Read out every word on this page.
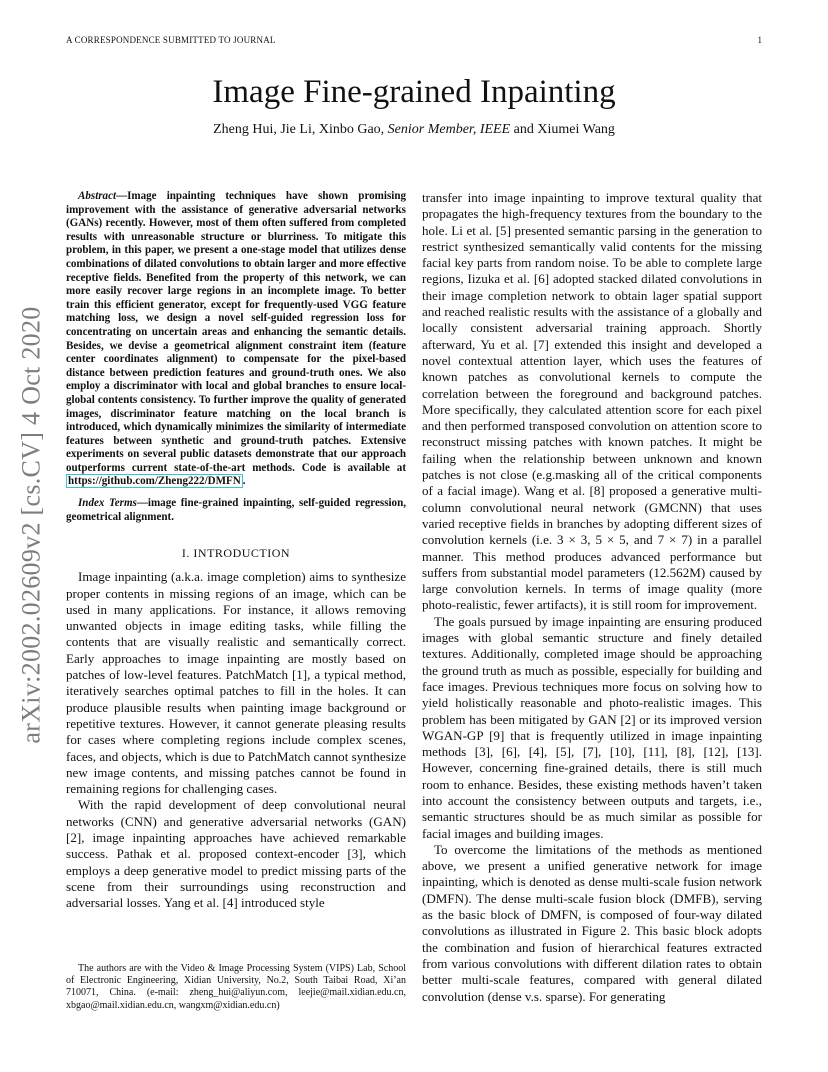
A CORRESPONDENCE SUBMITTED TO JOURNAL	1
arXiv:2002.02609v2 [cs.CV] 4 Oct 2020
Image Fine-grained Inpainting
Zheng Hui, Jie Li, Xinbo Gao, Senior Member, IEEE and Xiumei Wang

Abstract—Image inpainting techniques have shown promising improvement with the assistance of generative adversarial networks (GANs) recently. However, most of them often suffered from completed results with unreasonable structure or blurriness. To mitigate this problem, in this paper, we present a one-stage model that utilizes dense combinations of dilated convolutions to obtain larger and more effective receptive fields. Benefited from the property of this network, we can more easily recover large regions in an incomplete image. To better train this efficient generator, except for frequently-used VGG feature matching loss, we design a novel self-guided regression loss for concentrating on uncertain areas and enhancing the semantic details. Besides, we devise a geometrical alignment constraint item (feature center coordinates alignment) to compensate for the pixel-based distance between prediction features and ground-truth ones. We also employ a discriminator with local and global branches to ensure local-global contents consistency. To further improve the quality of generated images, discriminator feature matching on the local branch is introduced, which dynamically minimizes the similarity of intermediate features between synthetic and ground-truth patches. Extensive experiments on several public datasets demonstrate that our approach outperforms current state-of-the-art methods. Code is available at https://github.com/Zheng222/DMFN .

Index Terms—image fine-grained inpainting, self-guided regression, geometrical alignment.

I. INTRODUCTION

Image inpainting (a.k.a. image completion) aims to synthesize proper contents in missing regions of an image, which can be used in many applications. For instance, it allows removing unwanted objects in image editing tasks, while filling the contents that are visually realistic and semantically correct. Early approaches to image inpainting are mostly based on patches of low-level features. PatchMatch [1], a typical method, iteratively searches optimal patches to fill in the holes. It can produce plausible results when painting image background or repetitive textures. However, it cannot generate pleasing results for cases where completing regions include complex scenes, faces, and objects, which is due to PatchMatch cannot synthesize new image contents, and missing patches cannot be found in remaining regions for challenging cases.

With the rapid development of deep convolutional neural networks (CNN) and generative adversarial networks (GAN) [2], image inpainting approaches have achieved remarkable success. Pathak et al. proposed context-encoder [3], which employs a deep generative model to predict missing parts of the scene from their surroundings using reconstruction and adversarial losses. Yang et al. [4] introduced style

transfer into image inpainting to improve textural quality that propagates the high-frequency textures from the boundary to the hole. Li et al. [5] presented semantic parsing in the generation to restrict synthesized semantically valid contents for the missing facial key parts from random noise. To be able to complete large regions, Iizuka et al. [6] adopted stacked dilated convolutions in their image completion network to obtain lager spatial support and reached realistic results with the assistance of a globally and locally consistent adversarial training approach. Shortly afterward, Yu et al. [7] extended this insight and developed a novel contextual attention layer, which uses the features of known patches as convolutional kernels to compute the correlation between the foreground and background patches. More specifically, they calculated attention score for each pixel and then performed transposed convolution on attention score to reconstruct missing patches with known patches. It might be failing when the relationship between unknown and known patches is not close (e.g.masking all of the critical components of a facial image). Wang et al. [8] proposed a generative multi-column convolutional neural network (GMCNN) that uses varied receptive fields in branches by adopting different sizes of convolution kernels (i.e. 3 × 3, 5 × 5, and 7 × 7) in a parallel manner. This method produces advanced performance but suffers from substantial model parameters (12.562M) caused by large convolution kernels. In terms of image quality (more photo-realistic, fewer artifacts), it is still room for improvement.

The goals pursued by image inpainting are ensuring produced images with global semantic structure and finely detailed textures. Additionally, completed image should be approaching the ground truth as much as possible, especially for building and face images. Previous techniques more focus on solving how to yield holistically reasonable and photo-realistic images. This problem has been mitigated by GAN [2] or its improved version WGAN-GP [9] that is frequently utilized in image inpainting methods [3], [6], [4], [5], [7], [10], [11], [8], [12], [13]. However, concerning fine-grained details, there is still much room to enhance. Besides, these existing methods haven’t taken into account the consistency between outputs and targets, i.e., semantic structures should be as much similar as possible for facial images and building images.

To overcome the limitations of the methods as mentioned above, we present a unified generative network for image inpainting, which is denoted as dense multi-scale fusion network (DMFN). The dense multi-scale fusion block (DMFB), serving as the basic block of DMFN, is composed of four-way dilated convolutions as illustrated in Figure 2. This basic block adopts the combination and fusion of hierarchical features extracted from various convolutions with different dilation rates to obtain better multi-scale features, compared with general dilated convolution (dense v.s. sparse). For generating

The authors are with the Video & Image Processing System (VIPS) Lab, School of Electronic Engineering, Xidian University, No.2, South Taibai Road, Xi’an 710071, China. (e-mail: zheng_hui@aliyun.com, leejie@mail.xidian.edu.cn, xbgao@mail.xidian.edu.cn, wangxm@xidian.edu.cn)
